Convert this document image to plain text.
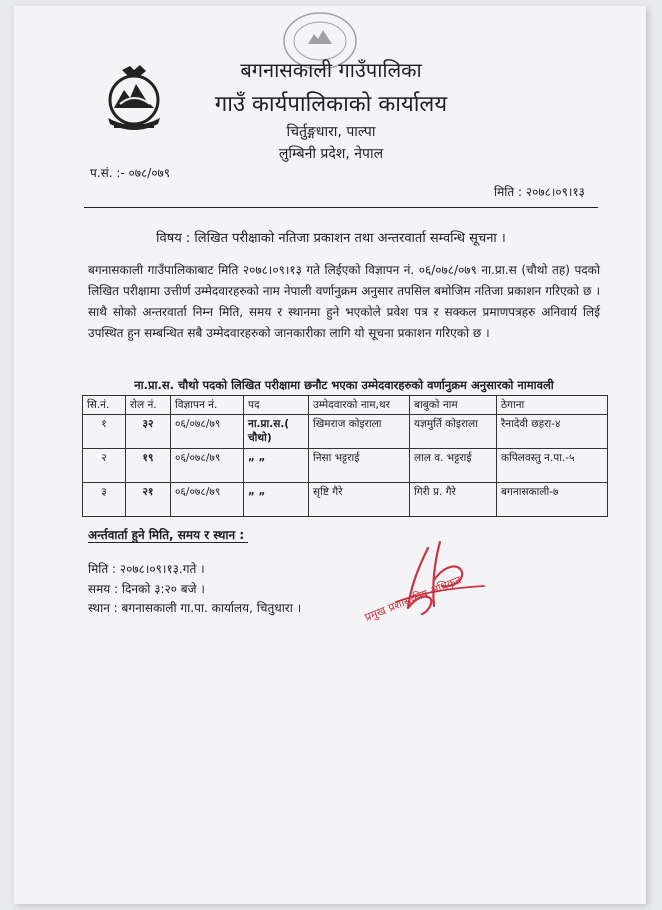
बगनासकाली गाउँपालिका
गाउँ कार्यपालिकाको कार्यालय
चिर्तुङ्गधारा, पाल्पा
लुम्बिनी प्रदेश, नेपाल
प.सं. :- ०७८/०७९
मिति : २०७८।०९।१३
विषय : लिखित परीक्षाको नतिजा प्रकाशन तथा अन्तरवार्ता सम्वन्धि सूचना ।
बगनासकाली गाउँपालिकाबाट मिति २०७८।०९।१३ गते लिईएको विज्ञापन नं. ०६/०७८/०७९ ना.प्रा.स (चौथो तह) पदको लिखित परीक्षामा उत्तीर्ण उम्मेदवारहरुको नाम नेपाली वर्णानुक्रम अनुसार तपसिल बमोजिम नतिजा प्रकाशन गरिएको छ । साथै सोको अन्तरवार्ता निम्न मिति, समय र स्थानमा हुने भएकोले प्रवेश पत्र र सक्कल प्रमाणपत्रहरु अनिवार्य लिई उपस्थित हुन सम्बन्धित सबै उम्मेदवारहरुको जानकारीका लागि यो सूचना प्रकाशन गरिएको छ ।
ना.प्रा.स. चौथो पदको लिखित परीक्षामा छनौट भएका उम्मेदवारहरुको वर्णानुक्रम अनुसारको नामावली
सि.नं.	रोल नं.	विज्ञापन नं.	पद	उम्मेदवारको नाम,थर	बाबुको नाम	ठेगाना
१	३२	०६/०७८/७९	ना.प्रा.स.( चौथो)	खिमराज कोइराला	यज्ञमुर्ति कोइराला	रैनादेवी छहरा-४
२	१९	०६/०७८/७९	„ „	निसा भट्टराई	लाल व. भट्टराई	कपिलवस्तु न.पा.-५
३	२१	०६/०७८/७९	„ „	सृष्टि गैरे	गिरी प्र. गैरे	बगनासकाली-७
अर्न्तवार्ता हुने मिति, समय र स्थान :
मिति : २०७८।०९।१३.गते ।
समय : दिनको ३:२० बजे ।
स्थान : बगनासकाली गा.पा. कार्यालय, चितुधारा ।	प्रमुख प्रशासकीय अधिकृत
